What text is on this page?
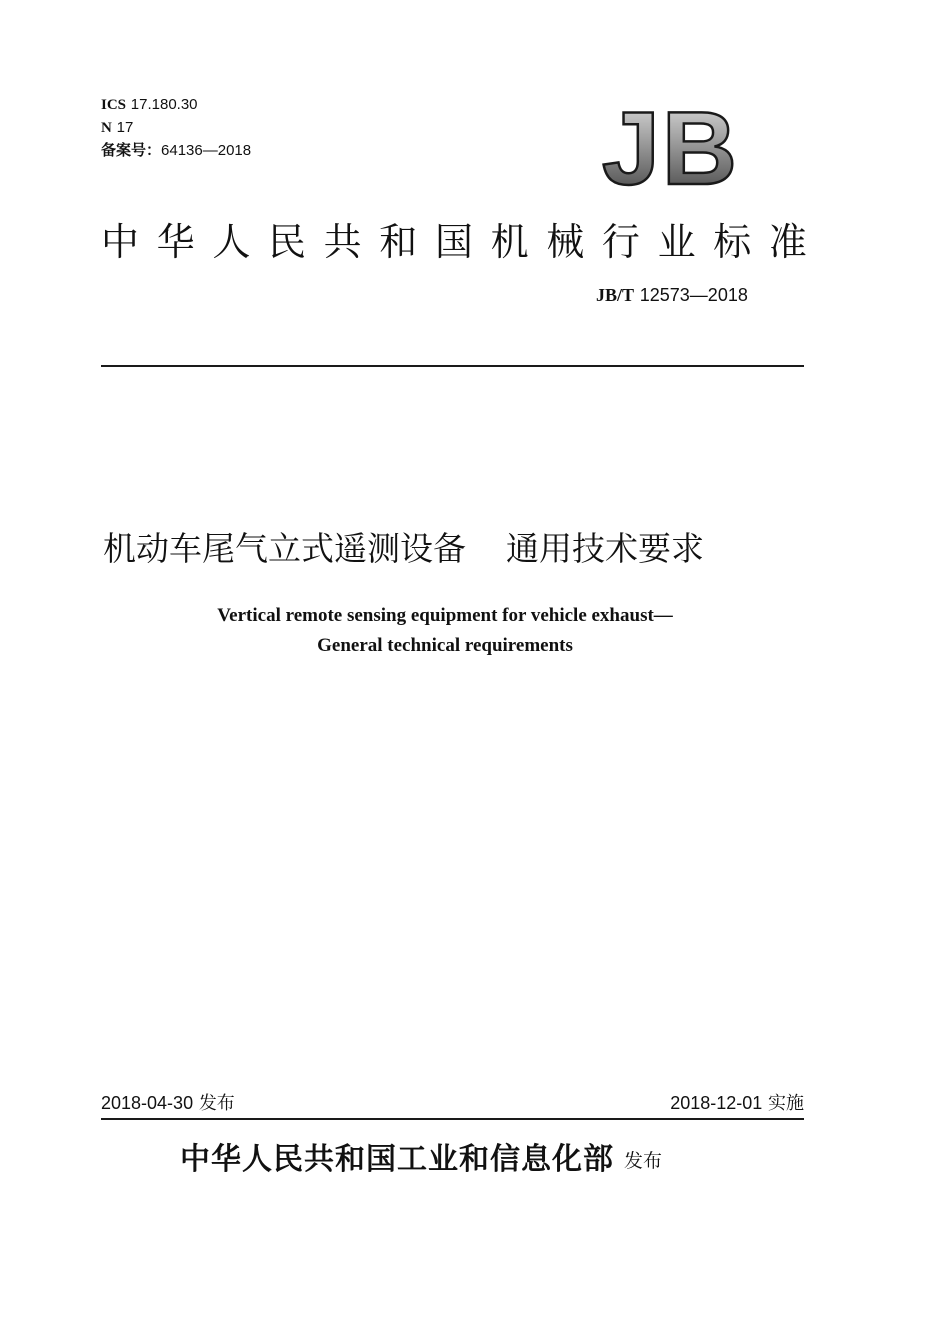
ICS 17.180.30
N 17
备案号：64136—2018	JB
中 华 人 民 共 和 国 机 械 行 业 标 准
JB/T 12573—2018
机动车尾气立式遥测设备 通用技术要求
Vertical remote sensing equipment for vehicle exhaust—
General technical requirements
2018-04-30 发布	2018-12-01 实施
中华人民共和国工业和信息化部 发布
